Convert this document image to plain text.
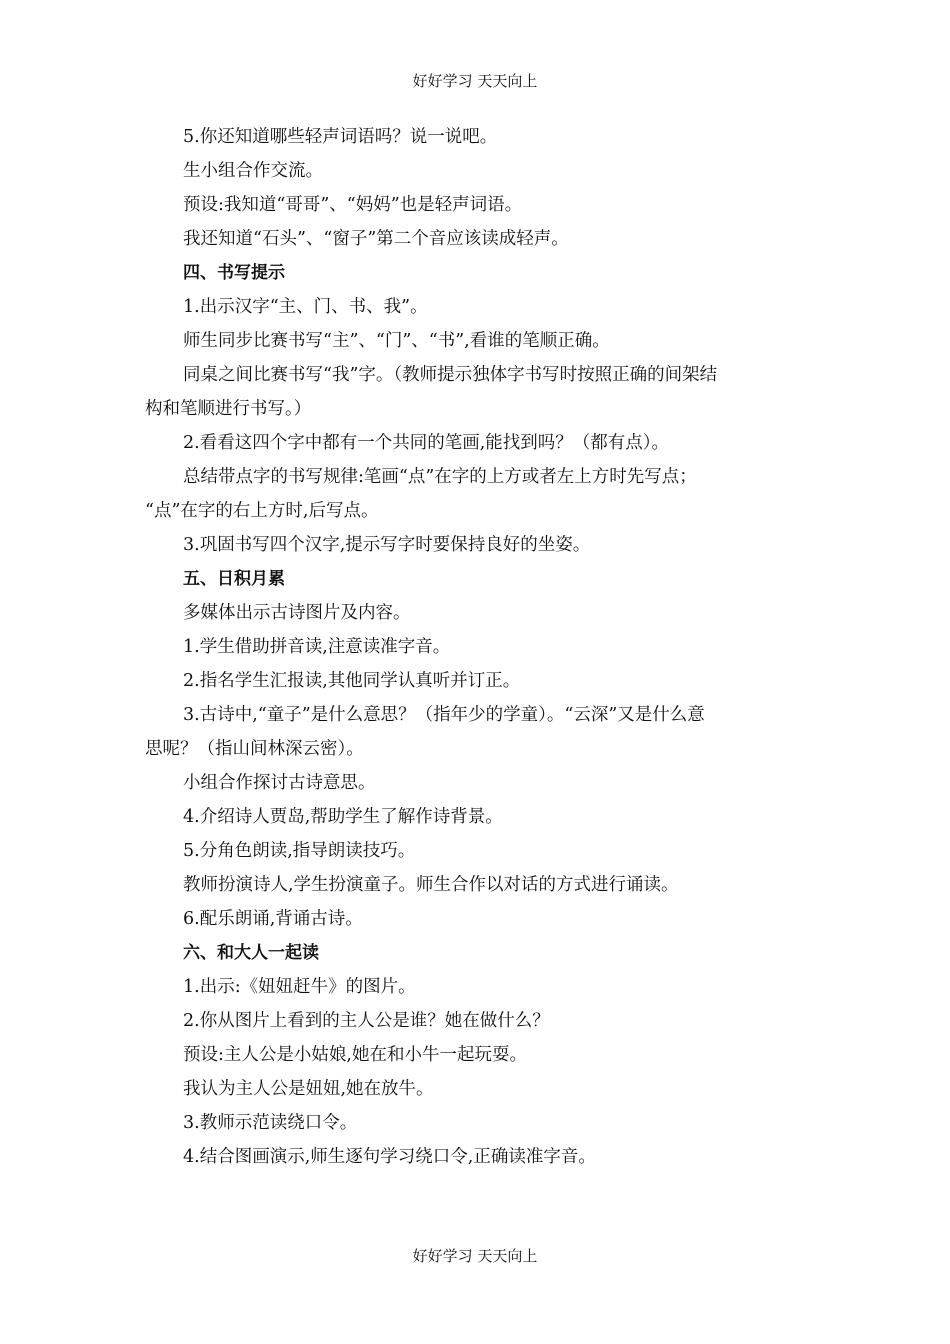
好好学习 天天向上
5.你还知道哪些轻声词语吗？说一说吧。
生小组合作交流。
预设:我知道“哥哥”、“妈妈”也是轻声词语。
我还知道“石头”、“窗子”第二个音应该读成轻声。
四、书写提示
1.出示汉字“主、门、书、我”。
师生同步比赛书写“主”、“门”、“书”,看谁的笔顺正确。
同桌之间比赛书写“我”字。（教师提示独体字书写时按照正确的间架结
构和笔顺进行书写。）
2.看看这四个字中都有一个共同的笔画,能找到吗？（都有点）。
总结带点字的书写规律:笔画“点”在字的上方或者左上方时先写点；
“点”在字的右上方时,后写点。
3.巩固书写四个汉字,提示写字时要保持良好的坐姿。
五、日积月累
多媒体出示古诗图片及内容。
1.学生借助拼音读,注意读准字音。
2.指名学生汇报读,其他同学认真听并订正。
3.古诗中,“童子”是什么意思？（指年少的学童）。“云深”又是什么意
思呢？（指山间林深云密）。
小组合作探讨古诗意思。
4.介绍诗人贾岛,帮助学生了解作诗背景。
5.分角色朗读,指导朗读技巧。
教师扮演诗人,学生扮演童子。师生合作以对话的方式进行诵读。
6.配乐朗诵,背诵古诗。
六、和大人一起读
1.出示:《妞妞赶牛》的图片。
2.你从图片上看到的主人公是谁？她在做什么？
预设:主人公是小姑娘,她在和小牛一起玩耍。
我认为主人公是妞妞,她在放牛。
3.教师示范读绕口令。
4.结合图画演示,师生逐句学习绕口令,正确读准字音。
好好学习 天天向上
